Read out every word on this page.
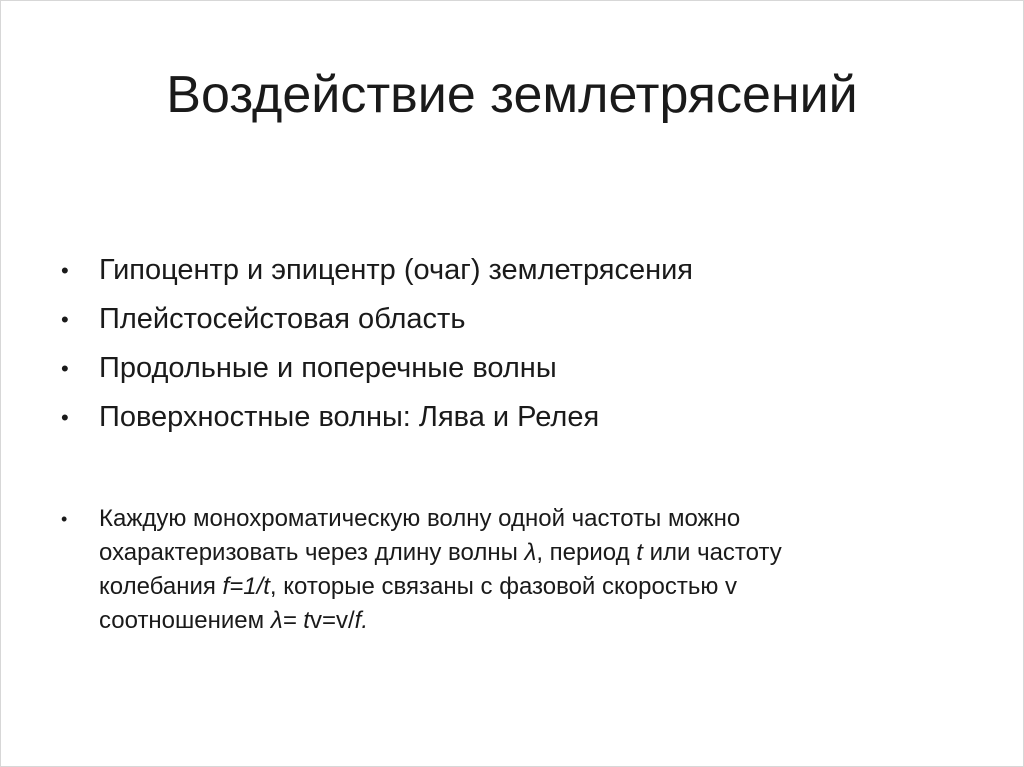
Воздействие землетрясений
• Гипоцентр и эпицентр (очаг) землетрясения
• Плейстосейстовая область
• Продольные и поперечные волны
• Поверхностные волны: Лява и Релея
• Каждую монохроматическую волну одной частоты можно
охарактеризовать через длину волны λ, период t или частоту
колебания f=1/t, которые связаны с фазовой скоростью v
соотношением λ= tv=v/f.
